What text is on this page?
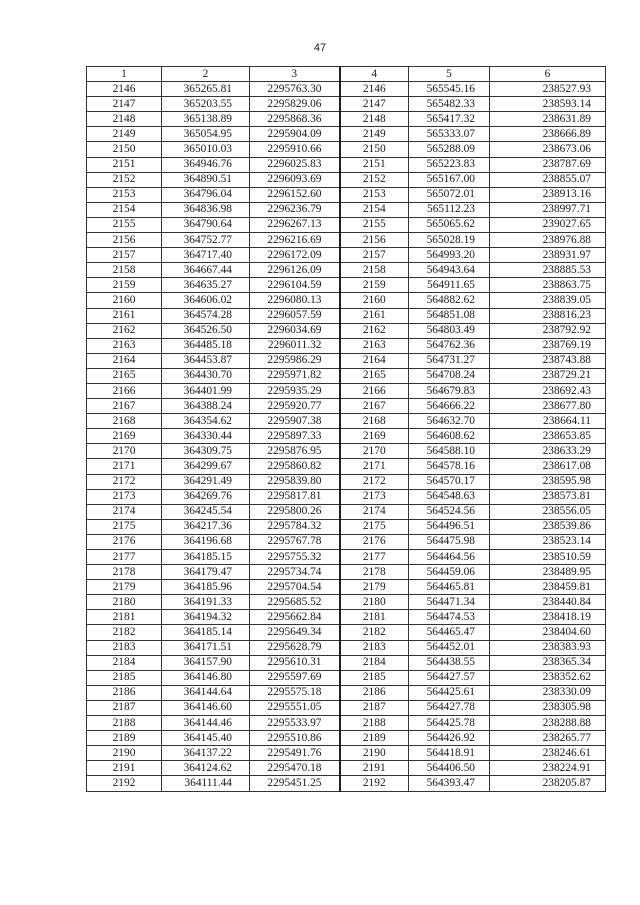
47
1	2	3	4	5	6
2146	365265.81	2295763.30	2146	565545.16	238527.93
2147	365203.55	2295829.06	2147	565482.33	238593.14
2148	365138.89	2295868.36	2148	565417.32	238631.89
2149	365054.95	2295904.09	2149	565333.07	238666.89
2150	365010.03	2295910.66	2150	565288.09	238673.06
2151	364946.76	2296025.83	2151	565223.83	238787.69
2152	364890.51	2296093.69	2152	565167.00	238855.07
2153	364796.04	2296152.60	2153	565072.01	238913.16
2154	364836.98	2296236.79	2154	565112.23	238997.71
2155	364790.64	2296267.13	2155	565065.62	239027.65
2156	364752.77	2296216.69	2156	565028.19	238976.88
2157	364717.40	2296172.09	2157	564993.20	238931.97
2158	364667.44	2296126.09	2158	564943.64	238885.53
2159	364635.27	2296104.59	2159	564911.65	238863.75
2160	364606.02	2296080.13	2160	564882.62	238839.05
2161	364574.28	2296057.59	2161	564851.08	238816.23
2162	364526.50	2296034.69	2162	564803.49	238792.92
2163	364485.18	2296011.32	2163	564762.36	238769.19
2164	364453.87	2295986.29	2164	564731.27	238743.88
2165	364430.70	2295971.82	2165	564708.24	238729.21
2166	364401.99	2295935.29	2166	564679.83	238692.43
2167	364388.24	2295920.77	2167	564666.22	238677.80
2168	364354.62	2295907.38	2168	564632.70	238664.11
2169	364330.44	2295897.33	2169	564608.62	238653.85
2170	364309.75	2295876.95	2170	564588.10	238633.29
2171	364299.67	2295860.82	2171	564578.16	238617.08
2172	364291.49	2295839.80	2172	564570.17	238595.98
2173	364269.76	2295817.81	2173	564548.63	238573.81
2174	364245.54	2295800.26	2174	564524.56	238556.05
2175	364217.36	2295784.32	2175	564496.51	238539.86
2176	364196.68	2295767.78	2176	564475.98	238523.14
2177	364185.15	2295755.32	2177	564464.56	238510.59
2178	364179.47	2295734.74	2178	564459.06	238489.95
2179	364185.96	2295704.54	2179	564465.81	238459.81
2180	364191.33	2295685.52	2180	564471.34	238440.84
2181	364194.32	2295662.84	2181	564474.53	238418.19
2182	364185.14	2295649.34	2182	564465.47	238404.60
2183	364171.51	2295628.79	2183	564452.01	238383.93
2184	364157.90	2295610.31	2184	564438.55	238365.34
2185	364146.80	2295597.69	2185	564427.57	238352.62
2186	364144.64	2295575.18	2186	564425.61	238330.09
2187	364146.60	2295551.05	2187	564427.78	238305.98
2188	364144.46	2295533.97	2188	564425.78	238288.88
2189	364145.40	2295510.86	2189	564426.92	238265.77
2190	364137.22	2295491.76	2190	564418.91	238246.61
2191	364124.62	2295470.18	2191	564406.50	238224.91
2192	364111.44	2295451.25	2192	564393.47	238205.87
